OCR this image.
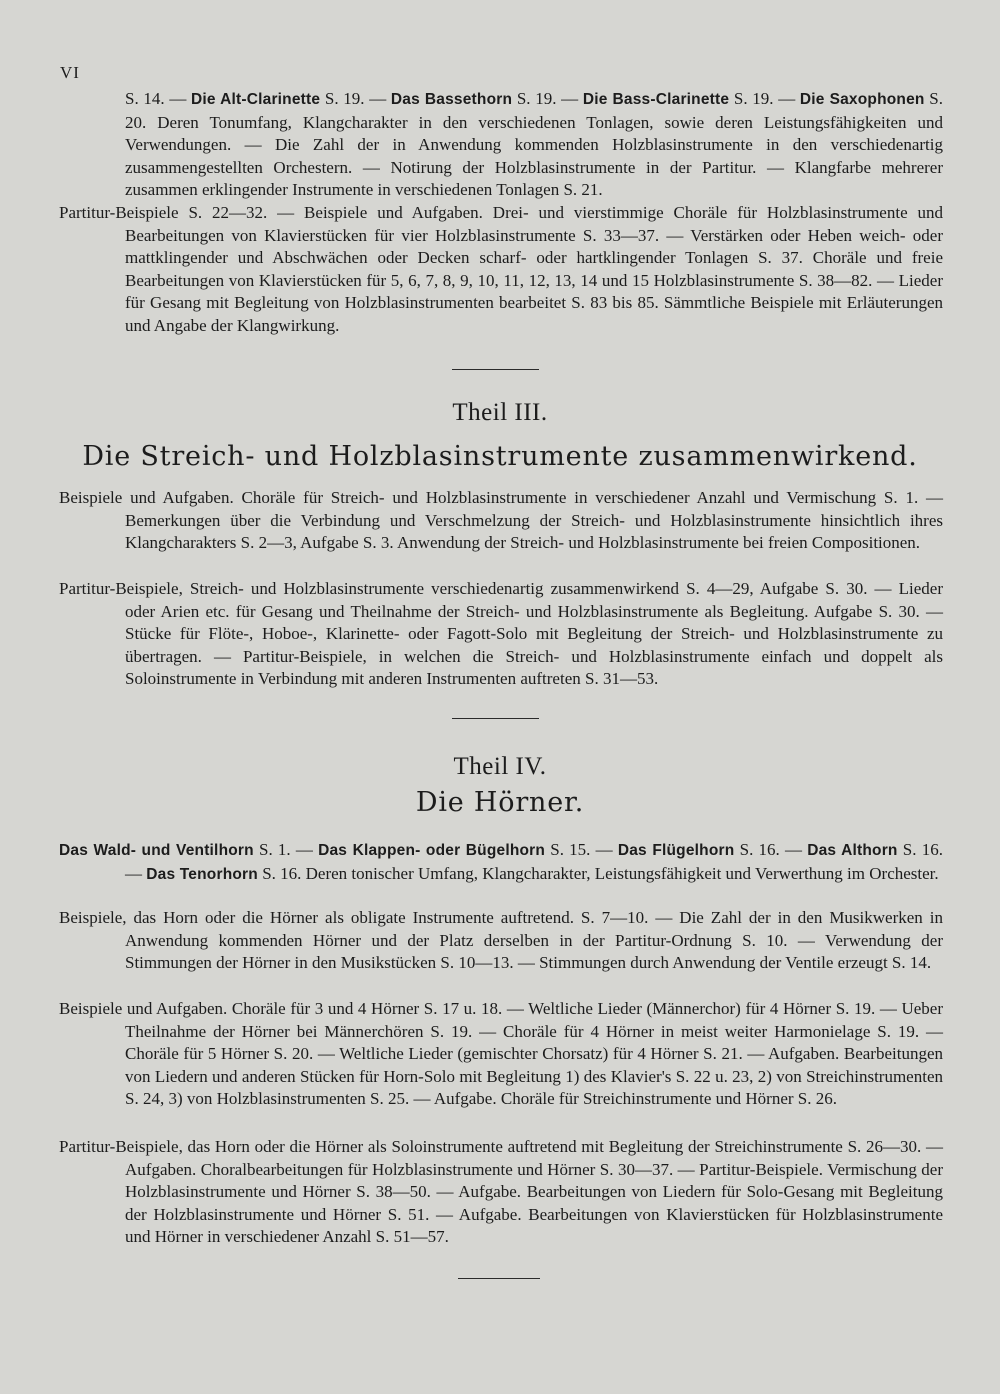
VI
S. 14. — Die Alt-Clarinette S. 19. — Das Bassethorn S. 19. — Die Bass-Clarinette S. 19. — Die Saxophonen S. 20. Deren Tonumfang, Klangcharakter in den verschiedenen Tonlagen, sowie deren Leistungsfähigkeiten und Verwendungen. — Die Zahl der in Anwendung kommenden Holzblasinstrumente in den verschiedenartig zusammengestellten Orchestern. — Notirung der Holzblasinstrumente in der Partitur. — Klangfarbe mehrerer zusammen erklingender Instrumente in verschiedenen Tonlagen S. 21.
Partitur-Beispiele S. 22—32. — Beispiele und Aufgaben. Drei- und vierstimmige Choräle für Holzblasinstrumente und Bearbeitungen von Klavierstücken für vier Holzblasinstrumente S. 33—37. — Verstärken oder Heben weich- oder mattklingender und Abschwächen oder Decken scharf- oder hartklingender Tonlagen S. 37. Choräle und freie Bearbeitungen von Klavierstücken für 5, 6, 7, 8, 9, 10, 11, 12, 13, 14 und 15 Holzblasinstrumente S. 38—82. — Lieder für Gesang mit Begleitung von Holzblasinstrumenten bearbeitet S. 83 bis 85. Sämmtliche Beispiele mit Erläuterungen und Angabe der Klangwirkung.
Theil III.
Die Streich- und Holzblasinstrumente zusammenwirkend.
Beispiele und Aufgaben. Choräle für Streich- und Holzblasinstrumente in verschiedener Anzahl und Vermischung S. 1. — Bemerkungen über die Verbindung und Verschmelzung der Streich- und Holzblasinstrumente hinsichtlich ihres Klangcharakters S. 2—3, Aufgabe S. 3. Anwendung der Streich- und Holzblasinstrumente bei freien Compositionen.
Partitur-Beispiele, Streich- und Holzblasinstrumente verschiedenartig zusammenwirkend S. 4—29, Aufgabe S. 30. — Lieder oder Arien etc. für Gesang und Theilnahme der Streich- und Holzblasinstrumente als Begleitung. Aufgabe S. 30. — Stücke für Flöte-, Hoboe-, Klarinette- oder Fagott-Solo mit Begleitung der Streich- und Holzblasinstrumente zu übertragen. — Partitur-Beispiele, in welchen die Streich- und Holzblasinstrumente einfach und doppelt als Soloinstrumente in Verbindung mit anderen Instrumenten auftreten S. 31—53.
Theil IV.
Die Hörner.
Das Wald- und Ventilhorn S. 1. — Das Klappen- oder Bügelhorn S. 15. — Das Flügelhorn S. 16. — Das Althorn S. 16. — Das Tenorhorn S. 16. Deren tonischer Umfang, Klangcharakter, Leistungsfähigkeit und Verwerthung im Orchester.
Beispiele, das Horn oder die Hörner als obligate Instrumente auftretend. S. 7—10. — Die Zahl der in den Musikwerken in Anwendung kommenden Hörner und der Platz derselben in der Partitur-Ordnung S. 10. — Verwendung der Stimmungen der Hörner in den Musikstücken S. 10—13. — Stimmungen durch Anwendung der Ventile erzeugt S. 14.
Beispiele und Aufgaben. Choräle für 3 und 4 Hörner S. 17 u. 18. — Weltliche Lieder (Männerchor) für 4 Hörner S. 19. — Ueber Theilnahme der Hörner bei Männerchören S. 19. — Choräle für 4 Hörner in meist weiter Harmonielage S. 19. — Choräle für 5 Hörner S. 20. — Weltliche Lieder (gemischter Chorsatz) für 4 Hörner S. 21. — Aufgaben. Bearbeitungen von Liedern und anderen Stücken für Horn-Solo mit Begleitung 1) des Klavier's S. 22 u. 23, 2) von Streichinstrumenten S. 24, 3) von Holzblasinstrumenten S. 25. — Aufgabe. Choräle für Streichinstrumente und Hörner S. 26.
Partitur-Beispiele, das Horn oder die Hörner als Soloinstrumente auftretend mit Begleitung der Streichinstrumente S. 26—30. — Aufgaben. Choralbearbeitungen für Holzblasinstrumente und Hörner S. 30—37. — Partitur-Beispiele. Vermischung der Holzblasinstrumente und Hörner S. 38—50. — Aufgabe. Bearbeitungen von Liedern für Solo-Gesang mit Begleitung der Holzblasinstrumente und Hörner S. 51. — Aufgabe. Bearbeitungen von Klavierstücken für Holzblasinstrumente und Hörner in verschiedener Anzahl S. 51—57.
